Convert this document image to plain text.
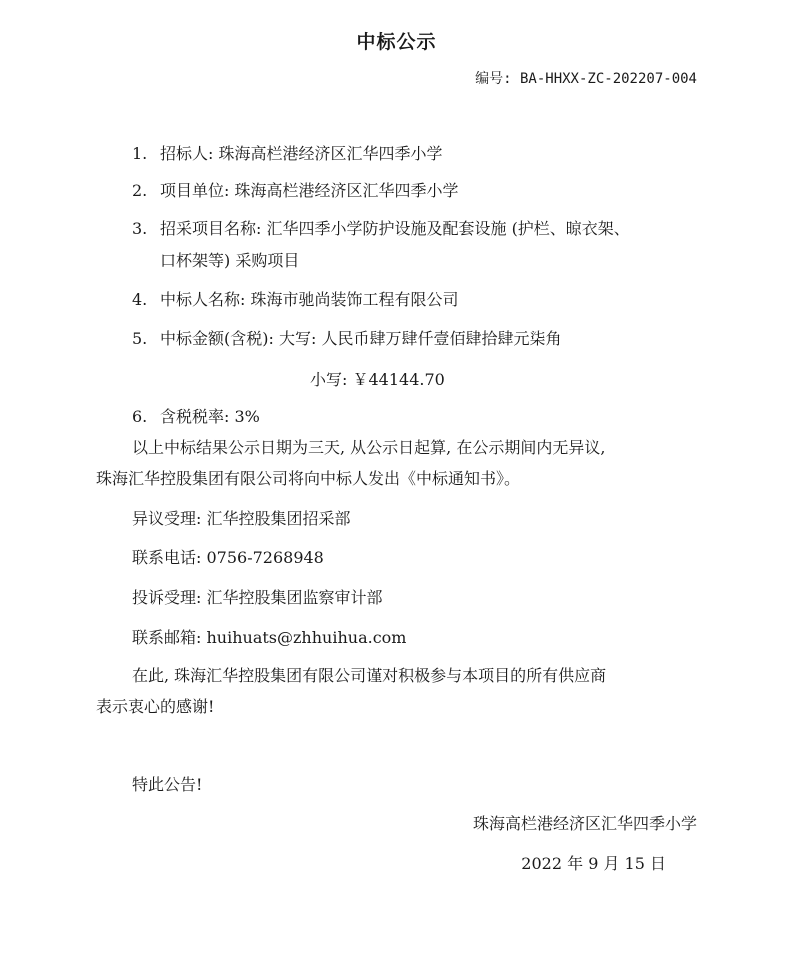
中标公示
编号: BA-HHXX-ZC-202207-004
1. 招标人: 珠海高栏港经济区汇华四季小学
2. 项目单位: 珠海高栏港经济区汇华四季小学
3. 招采项目名称: 汇华四季小学防护设施及配套设施 (护栏、晾衣架、
口杯架等) 采购项目
4. 中标人名称: 珠海市驰尚装饰工程有限公司
5. 中标金额(含税): 大写: 人民币肆万肆仟壹佰肆拾肆元柒角
小写: ￥44144.70
6. 含税税率: 3%
以上中标结果公示日期为三天, 从公示日起算, 在公示期间内无异议,
珠海汇华控股集团有限公司将向中标人发出《中标通知书》。
异议受理: 汇华控股集团招采部
联系电话: 0756-7268948
投诉受理: 汇华控股集团监察审计部
联系邮箱: huihuats@zhhuihua.com
在此, 珠海汇华控股集团有限公司谨对积极参与本项目的所有供应商
表示衷心的感谢!
特此公告!
珠海高栏港经济区汇华四季小学
2022 年 9 月 15 日
